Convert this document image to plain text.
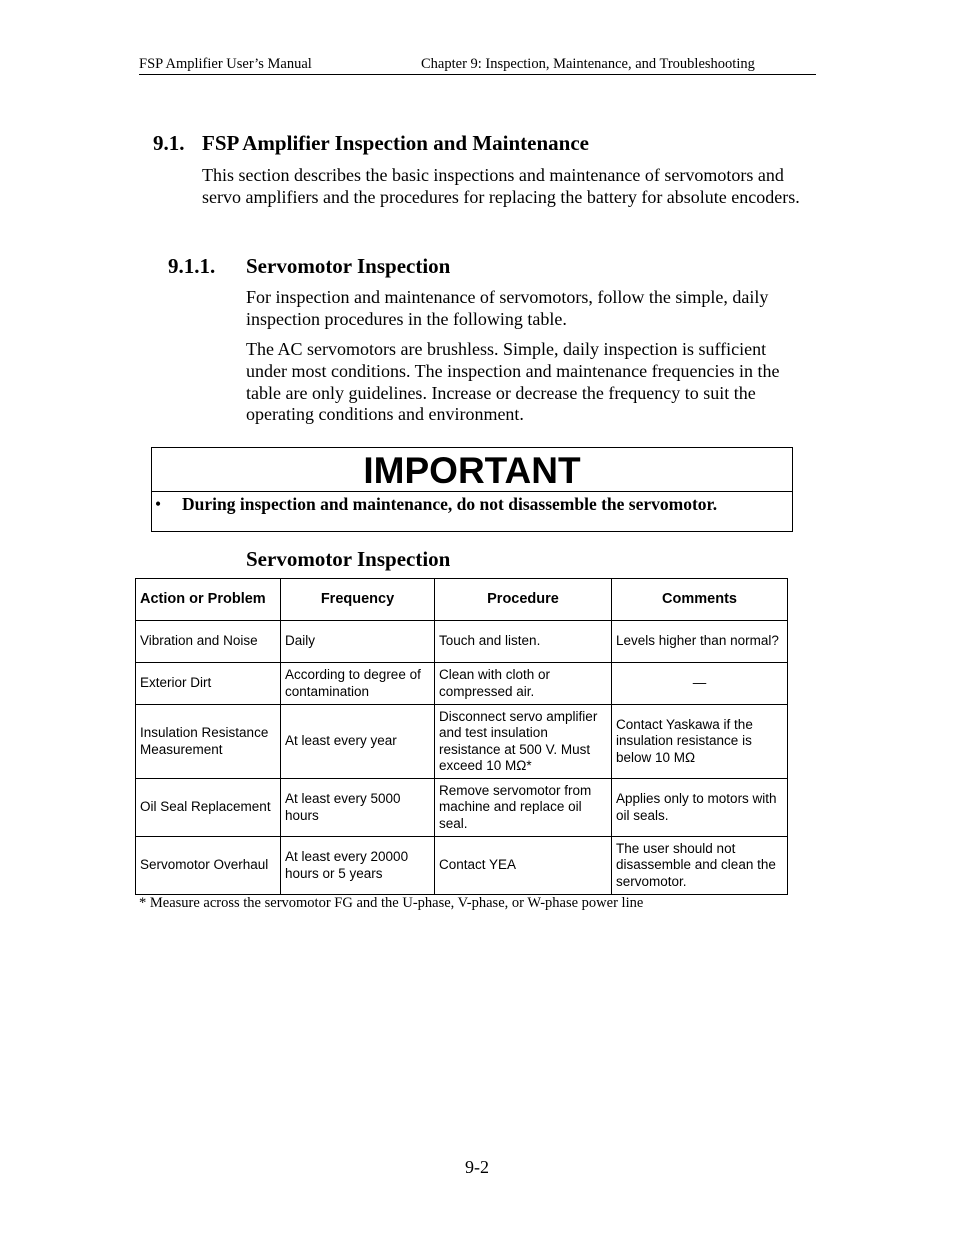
FSP Amplifier User’s Manual	Chapter 9: Inspection, Maintenance, and Troubleshooting
9.1. FSP Amplifier Inspection and Maintenance

This section describes the basic inspections and maintenance of servomotors and servo amplifiers and the procedures for replacing the battery for absolute encoders.

9.1.1. Servomotor Inspection

For inspection and maintenance of servomotors, follow the simple, daily inspection procedures in the following table.

The AC servomotors are brushless. Simple, daily inspection is sufficient under most conditions. The inspection and maintenance frequencies in the table are only guidelines. Increase or decrease the frequency to suit the operating conditions and environment.

IMPORTANT
• During inspection and maintenance, do not disassemble the servomotor.
Servomotor Inspection
Action or Problem	Frequency	Procedure	Comments
Vibration and Noise	Daily	Touch and listen.	Levels higher than normal?
Exterior Dirt	According to degree of contamination	Clean with cloth or compressed air.	—
Insulation Resistance Measurement	At least every year	Disconnect servo amplifier and test insulation resistance at 500 V. Must exceed 10 MΩ*	Contact Yaskawa if the insulation resistance is below 10 MΩ
Oil Seal Replacement	At least every 5000 hours	Remove servomotor from machine and replace oil seal.	Applies only to motors with oil seals.
Servomotor Overhaul	At least every 20000 hours or 5 years	Contact YEA	The user should not disassemble and clean the servomotor.
* Measure across the servomotor FG and the U-phase, V-phase, or W-phase power line
9-2
